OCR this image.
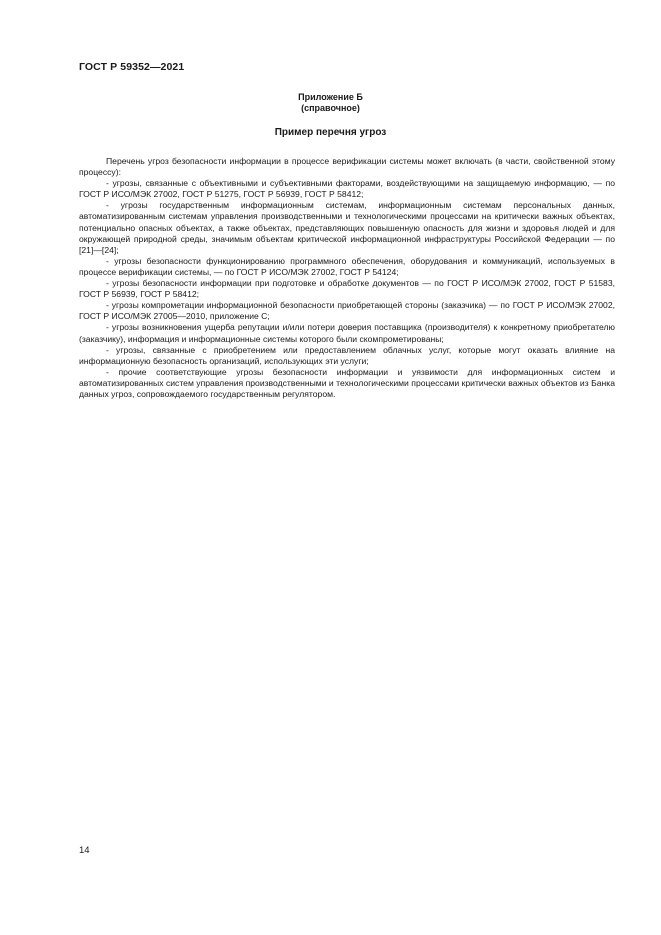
ГОСТ Р 59352—2021
Приложение Б
(справочное)
Пример перечня угроз

Перечень угроз безопасности информации в процессе верификации системы может включать (в части, свойственной этому процессу):

- угрозы, связанные с объективными и субъективными факторами, воздействующими на защищаемую информацию, — по ГОСТ Р ИСО/МЭК 27002, ГОСТ Р 51275, ГОСТ Р 56939, ГОСТ Р 58412;

- угрозы государственным информационным системам, информационным системам персональных данных, автоматизированным системам управления производственными и технологическими процессами на критически важных объектах, потенциально опасных объектах, а также объектах, представляющих повышенную опасность для жизни и здоровья людей и для окружающей природной среды, значимым объектам критической информационной инфраструктуры Российской Федерации — по [21]—[24];

- угрозы безопасности функционированию программного обеспечения, оборудования и коммуникаций, используемых в процессе верификации системы, — по ГОСТ Р ИСО/МЭК 27002, ГОСТ Р 54124;

- угрозы безопасности информации при подготовке и обработке документов — по ГОСТ Р ИСО/МЭК 27002, ГОСТ Р 51583, ГОСТ Р 56939, ГОСТ Р 58412;

- угрозы компрометации информационной безопасности приобретающей стороны (заказчика) — по ГОСТ Р ИСО/МЭК 27002, ГОСТ Р ИСО/МЭК 27005—2010, приложение С;

- угрозы возникновения ущерба репутации и/или потери доверия поставщика (производителя) к конкретному приобретателю (заказчику), информация и информационные системы которого были скомпрометированы;

- угрозы, связанные с приобретением или предоставлением облачных услуг, которые могут оказать влияние на информационную безопасность организаций, использующих эти услуги;

- прочие соответствующие угрозы безопасности информации и уязвимости для информационных систем и автоматизированных систем управления производственными и технологическими процессами критически важных объектов из Банка данных угроз, сопровождаемого государственным регулятором.

14
